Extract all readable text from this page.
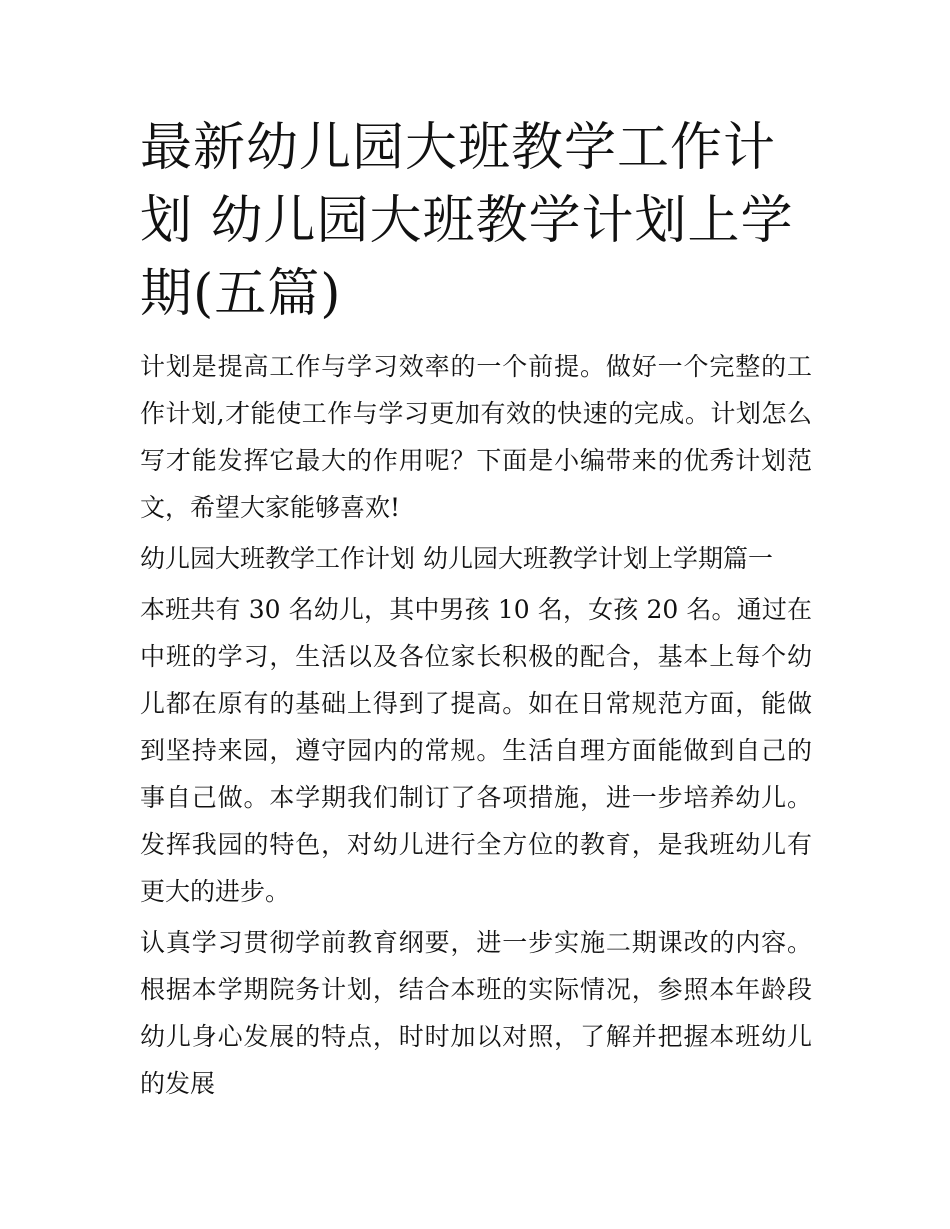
最新幼儿园大班教学工作计划 幼儿园大班教学计划上学期(五篇)

计划是提高工作与学习效率的一个前提。做好一个完整的工作计划,才能使工作与学习更加有效的快速的完成。计划怎么写才能发挥它最大的作用呢？下面是小编带来的优秀计划范文，希望大家能够喜欢!

幼儿园大班教学工作计划 幼儿园大班教学计划上学期篇一

本班共有 30 名幼儿，其中男孩 10 名，女孩 20 名。通过在中班的学习，生活以及各位家长积极的配合，基本上每个幼儿都在原有的基础上得到了提高。如在日常规范方面，能做到坚持来园，遵守园内的常规。生活自理方面能做到自己的事自己做。本学期我们制订了各项措施，进一步培养幼儿。发挥我园的特色，对幼儿进行全方位的教育，是我班幼儿有更大的进步。

认真学习贯彻学前教育纲要，进一步实施二期课改的内容。根据本学期院务计划，结合本班的实际情况，参照本年龄段幼儿身心发展的特点，时时加以对照，了解并把握本班幼儿的发展
